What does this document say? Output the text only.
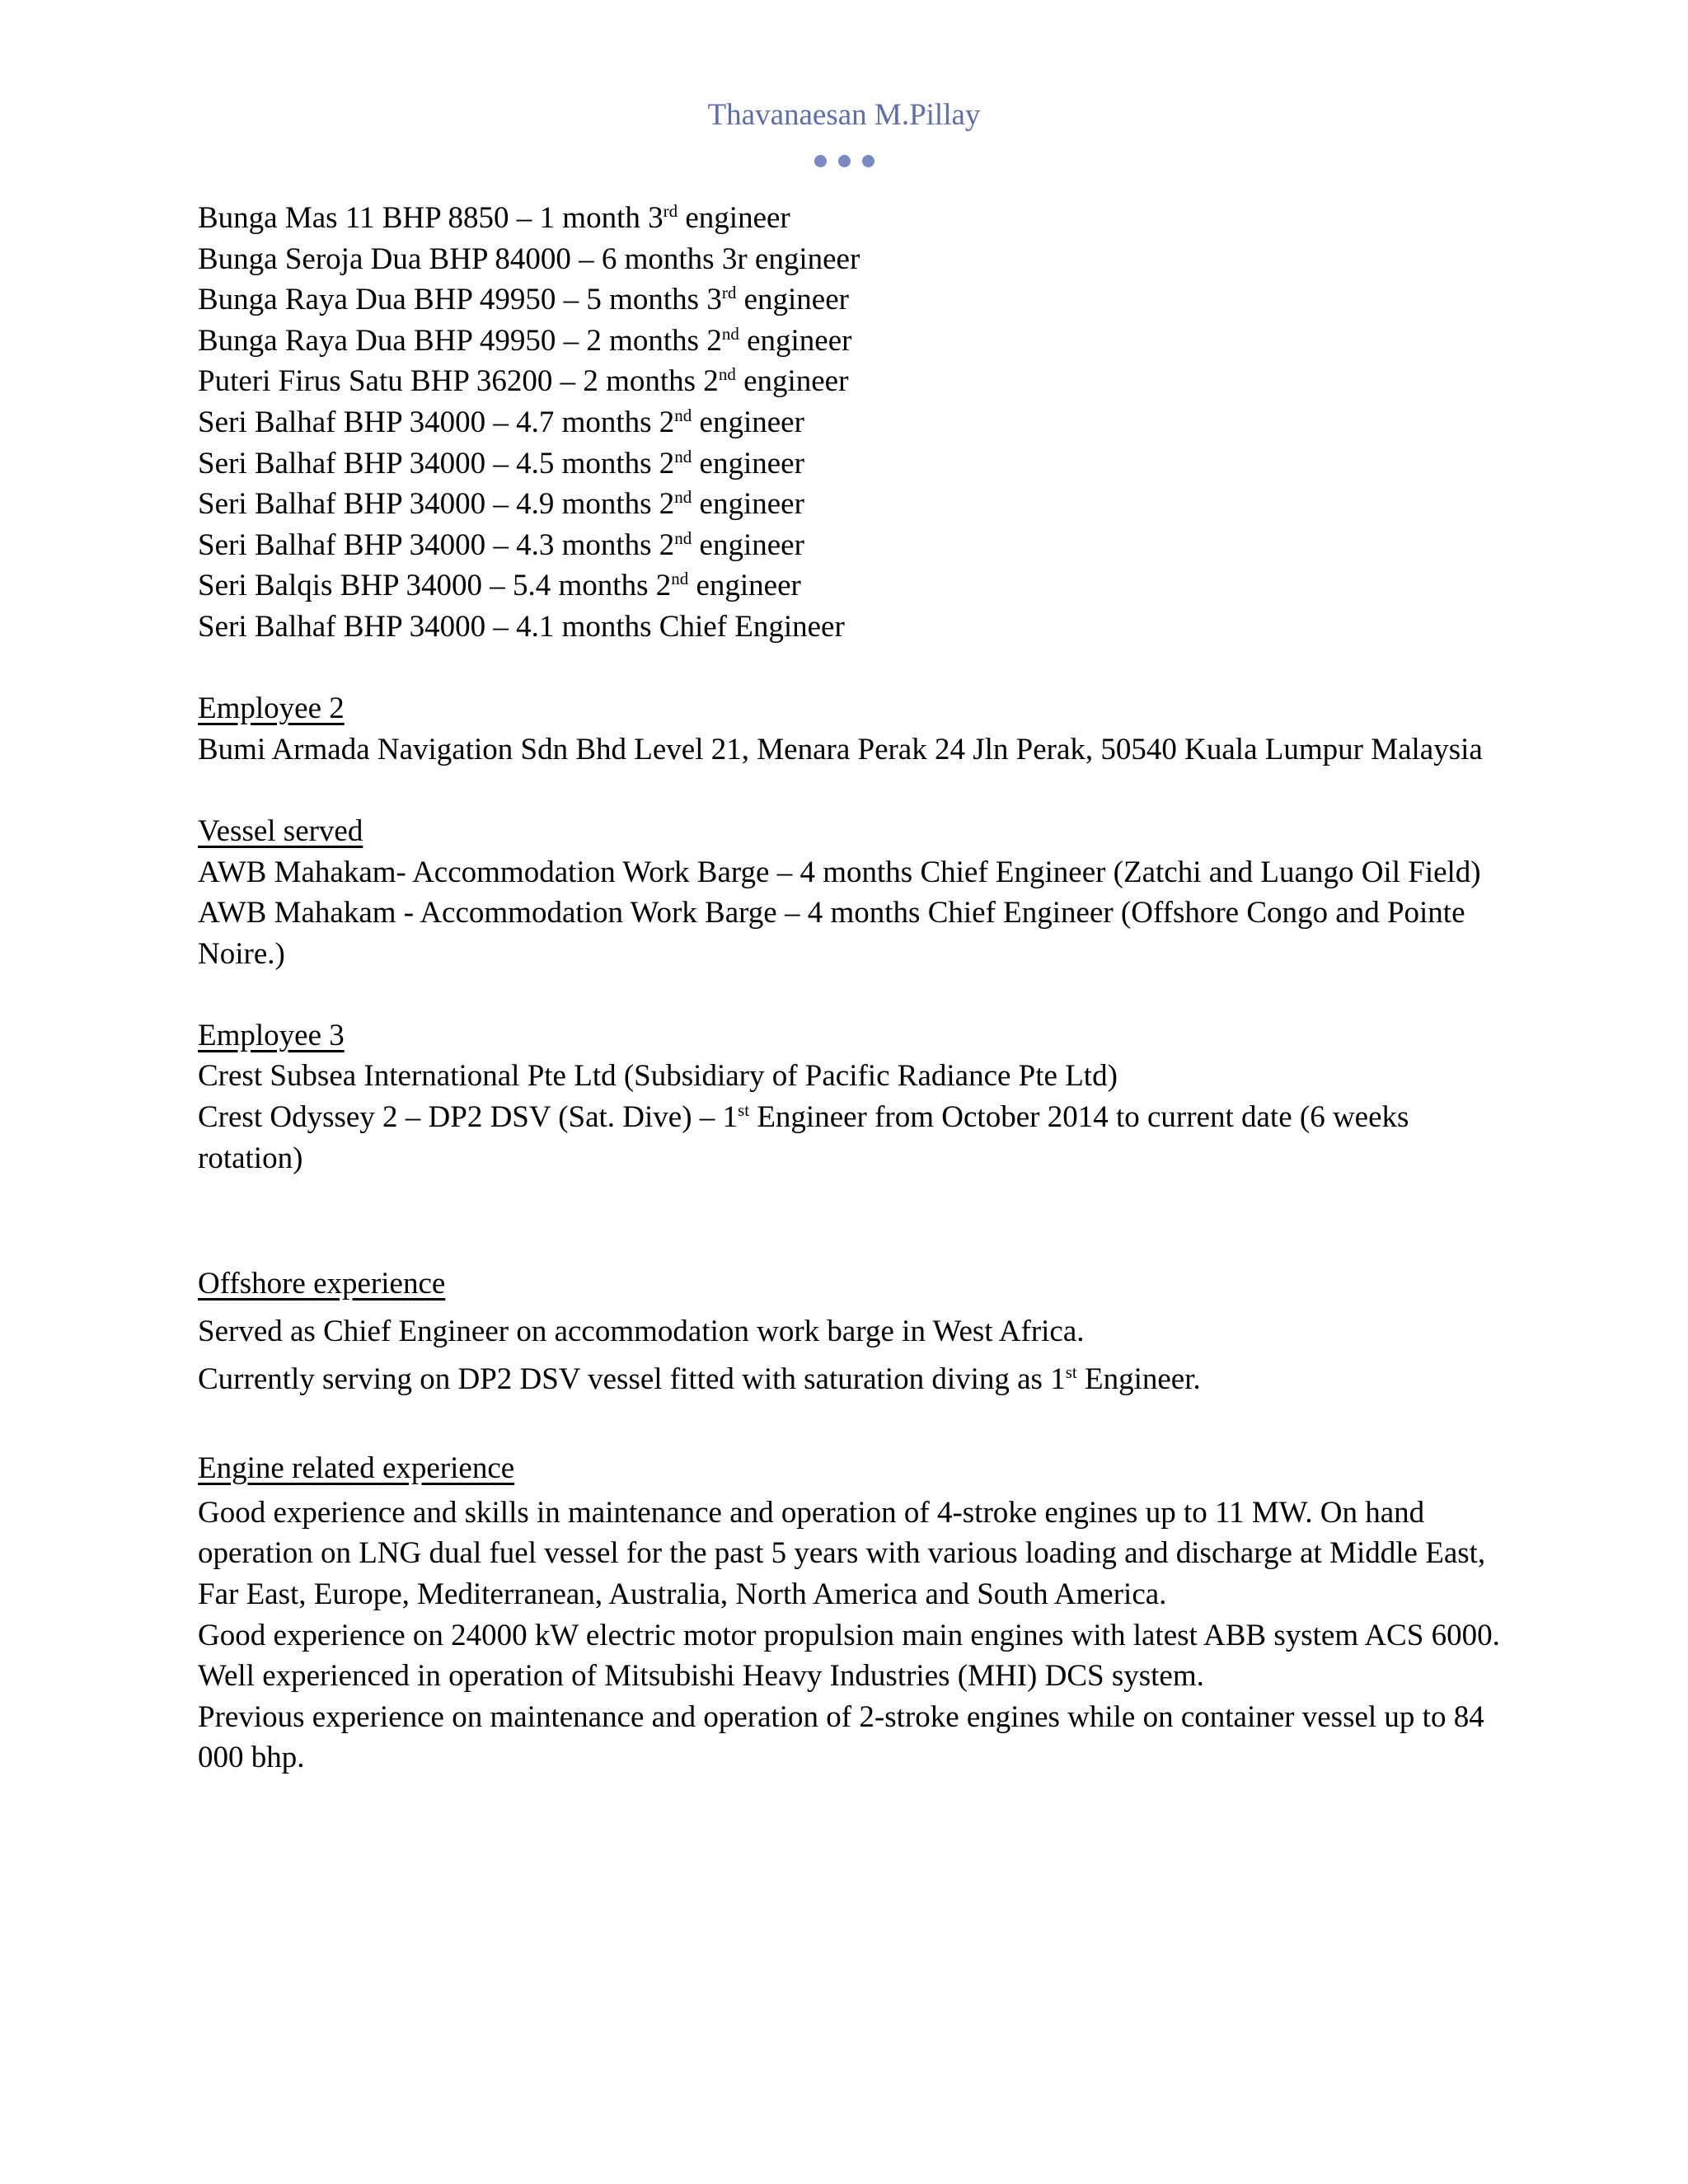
Thavanaesan M.Pillay
Bunga Mas 11 BHP 8850 – 1 month 3rd engineer
Bunga Seroja Dua BHP 84000 – 6 months 3r engineer
Bunga Raya Dua BHP 49950 – 5 months 3rd engineer
Bunga Raya Dua BHP 49950 – 2 months 2nd engineer
Puteri Firus Satu BHP 36200 – 2 months 2nd engineer
Seri Balhaf BHP 34000 – 4.7 months 2nd engineer
Seri Balhaf BHP 34000 – 4.5 months 2nd engineer
Seri Balhaf BHP 34000 – 4.9 months 2nd engineer
Seri Balhaf BHP 34000 – 4.3 months 2nd engineer
Seri Balqis BHP 34000 – 5.4 months 2nd engineer
Seri Balhaf BHP 34000 – 4.1 months Chief Engineer
Employee 2
Bumi Armada Navigation Sdn Bhd Level 21, Menara Perak 24 Jln Perak, 50540 Kuala Lumpur Malaysia
Vessel served
AWB Mahakam- Accommodation Work Barge – 4 months Chief Engineer (Zatchi and Luango Oil Field)
AWB Mahakam - Accommodation Work Barge – 4 months Chief Engineer (Offshore Congo and Pointe Noire.)
Employee 3
Crest Subsea International Pte Ltd (Subsidiary of Pacific Radiance Pte Ltd)
Crest Odyssey 2 – DP2 DSV (Sat. Dive) – 1st Engineer from October 2014 to current date (6 weeks rotation)
Offshore experience
Served as Chief Engineer on accommodation work barge in West Africa.
Currently serving on DP2 DSV vessel fitted with saturation diving as 1st Engineer.
Engine related experience
Good experience and skills in maintenance and operation of 4-stroke engines up to 11 MW. On hand operation on LNG dual fuel vessel for the past 5 years with various loading and discharge at Middle East, Far East, Europe, Mediterranean, Australia, North America and South America.
Good experience on 24000 kW electric motor propulsion main engines with latest ABB system ACS 6000.
Well experienced in operation of Mitsubishi Heavy Industries (MHI) DCS system.
Previous experience on maintenance and operation of 2-stroke engines while on container vessel up to 84 000 bhp.
